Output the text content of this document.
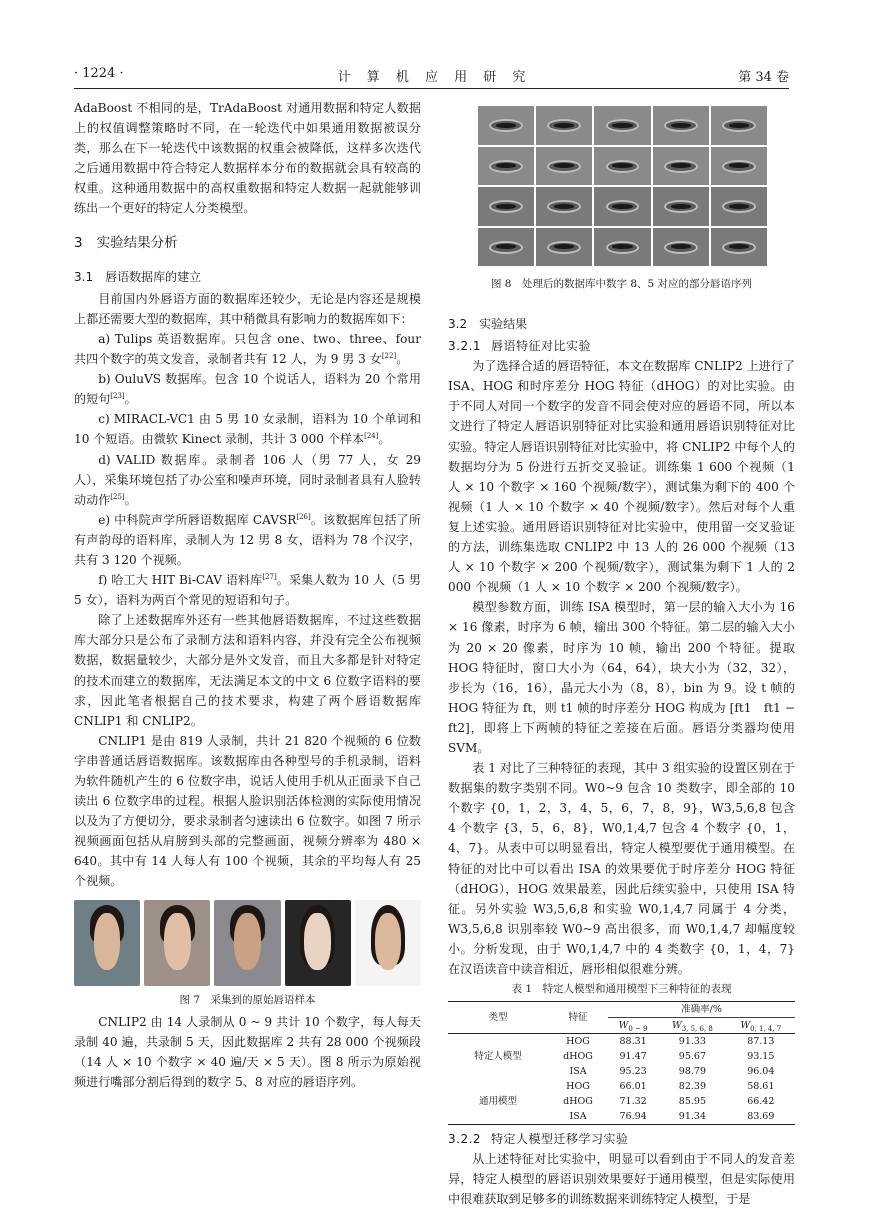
· 1224 ·	计 算 机 应 用 研 究	第 34 卷

AdaBoost 不相同的是，TrAdaBoost 对通用数据和特定人数据上的权值调整策略时不同，在一轮迭代中如果通用数据被误分类，那么在下一轮迭代中该数据的权重会被降低，这样多次迭代之后通用数据中符合特定人数据样本分布的数据就会具有较高的权重。这种通用数据中的高权重数据和特定人数据一起就能够训练出一个更好的特定人分类模型。

3 实验结果分析
3.1 唇语数据库的建立

目前国内外唇语方面的数据库还较少，无论是内容还是规模上都还需要大型的数据库，其中稍微具有影响力的数据库如下：

a) Tulips 英语数据库。只包含 one、two、three、four 共四个数字的英文发音，录制者共有 12 人，为 9 男 3 女[22]。

b) OuluVS 数据库。包含 10 个说话人，语料为 20 个常用的短句[23]。

c) MIRACL-VC1 由 5 男 10 女录制，语料为 10 个单词和 10 个短语。由微软 Kinect 录制，共计 3 000 个样本[24]。

d) VALID 数据库。录制者 106 人（男 77 人，女 29 人），采集环境包括了办公室和噪声环境，同时录制者具有人脸转动动作[25]。

e) 中科院声学所唇语数据库 CAVSR[26]。该数据库包括了所有声韵母的语料库，录制人为 12 男 8 女，语料为 78 个汉字，共有 3 120 个视频。

f) 哈工大 HIT Bi-CAV 语料库[27]。采集人数为 10 人（5 男 5 女），语料为两百个常见的短语和句子。

除了上述数据库外还有一些其他唇语数据库，不过这些数据库大部分只是公布了录制方法和语料内容，并没有完全公布视频数据，数据量较少，大部分是外文发音，而且大多都是针对特定的技术而建立的数据库，无法满足本文的中文 6 位数字语料的要求，因此笔者根据自己的技术要求，构建了两个唇语数据库 CNLIP1 和 CNLIP2。

CNLIP1 是由 819 人录制，共计 21 820 个视频的 6 位数字串普通话唇语数据库。该数据库由各种型号的手机录制，语料为软件随机产生的 6 位数字串，说话人使用手机从正面录下自己读出 6 位数字串的过程。根据人脸识别活体检测的实际使用情况以及为了方便切分，要求录制者匀速读出 6 位数字。如图 7 所示视频画面包括从肩膀到头部的完整画面，视频分辨率为 480 × 640。其中有 14 人每人有 100 个视频，其余的平均每人有 25 个视频。

图 7　采集到的原始唇语样本

CNLIP2 由 14 人录制从 0 ~ 9 共计 10 个数字，每人每天录制 40 遍，共录制 5 天，因此数据库 2 共有 28 000 个视频段（14 人 × 10 个数字 × 40 遍/天 × 5 天）。图 8 所示为原始视频进行嘴部分割后得到的数字 5、8 对应的唇语序列。

图 8　处理后的数据库中数字 8、5 对应的部分唇语序列
3.2 实验结果
3.2.1 唇语特征对比实验

为了选择合适的唇语特征，本文在数据库 CNLIP2 上进行了 ISA、HOG 和时序差分 HOG 特征（dHOG）的对比实验。由于不同人对同一个数字的发音不同会使对应的唇语不同，所以本文进行了特定人唇语识别特征对比实验和通用唇语识别特征对比实验。特定人唇语识别特征对比实验中，将 CNLIP2 中每个人的数据均分为 5 份进行五折交叉验证。训练集 1 600 个视频（1 人 × 10 个数字 × 160 个视频/数字），测试集为剩下的 400 个视频（1 人 × 10 个数字 × 40 个视频/数字）。然后对每个人重复上述实验。通用唇语识别特征对比实验中，使用留一交叉验证的方法，训练集选取 CNLIP2 中 13 人的 26 000 个视频（13 人 × 10 个数字 × 200 个视频/数字），测试集为剩下 1 人的 2 000 个视频（1 人 × 10 个数字 × 200 个视频/数字）。

模型参数方面，训练 ISA 模型时，第一层的输入大小为 16 × 16 像素，时序为 6 帧，输出 300 个特征。第二层的输入大小为 20 × 20 像素，时序为 10 帧，输出 200 个特征。提取 HOG 特征时，窗口大小为（64，64），块大小为（32，32），步长为（16，16），晶元大小为（8，8），bin 为 9。设 t 帧的 HOG 特征为 ft，则 t1 帧的时序差分 HOG 构成为 [ft1　ft1 − ft2]，即将上下两帧的特征之差接在后面。唇语分类器均使用 SVM。

表 1 对比了三种特征的表现，其中 3 组实验的设置区别在于数据集的数字类别不同。W0~9 包含 10 类数字，即全部的 10 个数字 {0，1，2，3，4，5，6，7，8，9}，W3,5,6,8 包含 4 个数字 {3，5，6，8}，W0,1,4,7 包含 4 个数字 {0，1，4，7}。从表中可以明显看出，特定人模型要优于通用模型。在特征的对比中可以看出 ISA 的效果要优于时序差分 HOG 特征（dHOG），HOG 效果最差，因此后续实验中，只使用 ISA 特征。另外实验 W3,5,6,8 和实验 W0,1,4,7 同属于 4 分类，W3,5,6,8 识别率较 W0~9 高出很多，而 W0,1,4,7 却幅度较小。分析发现，由于 W0,1,4,7 中的 4 类数字 {0，1，4，7} 在汉语读音中读音相近，唇形相似很难分辨。

表 1　特定人模型和通用模型下三种特征的表现
类型	特征	准确率/%		
		$W_{0 \sim 9}$	$W_{3, 5, 6, 8}$	$W_{0, 1, 4, 7}$
特定人模型	HOG	88.31	91.33	87.13
	dHOG	91.47	95.67	93.15
	ISA	95.23	98.79	96.04
通用模型	HOG	66.01	82.39	58.61
	dHOG	71.32	85.95	66.42
	ISA	76.94	91.34	83.69
3.2.2 特定人模型迁移学习实验

从上述特征对比实验中，明显可以看到由于不同人的发音差异，特定人模型的唇语识别效果要好于通用模型，但是实际使用中很难获取到足够多的训练数据来训练特定人模型，于是
